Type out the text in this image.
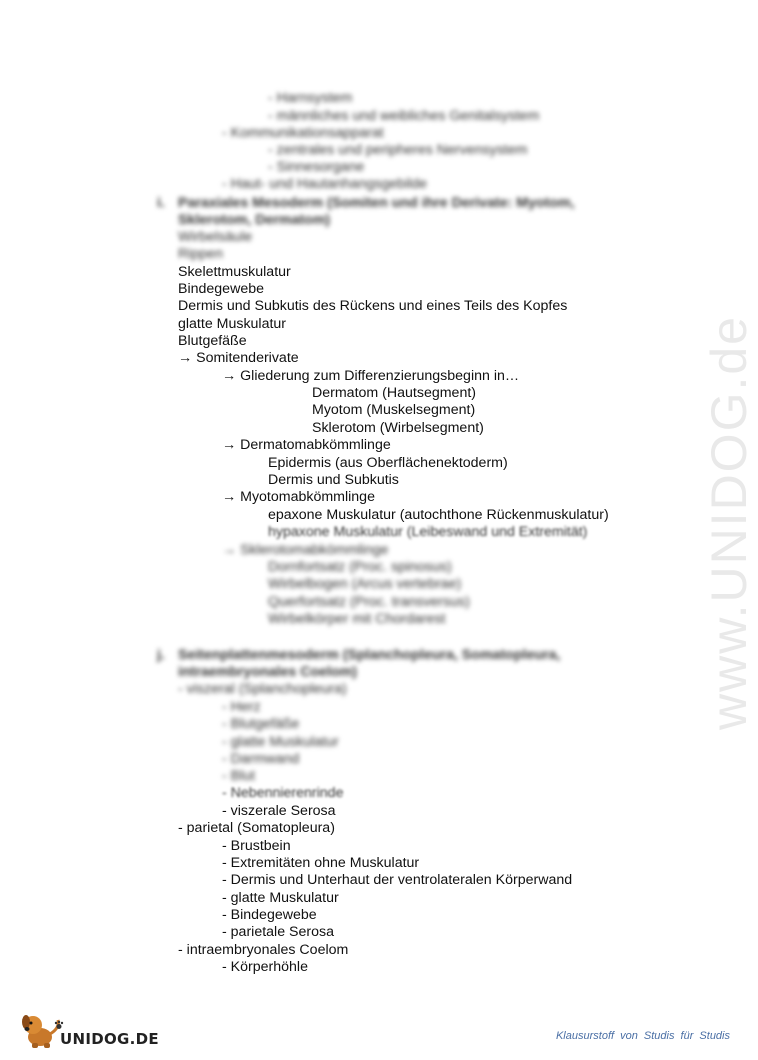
www.UNIDOG.de
- Harnsystem
- männliches und weibliches Genitalsystem
- Kommunikationsapparat
- zentrales und peripheres Nervensystem
- Sinnesorgane
- Haut- und Hautanhangsgebilde
i. Paraxiales Mesoderm (Somiten und ihre Derivate: Myotom,
Sklerotom, Dermatom)
Wirbelsäule
Rippen
Skelettmuskulatur
Bindegewebe
Dermis und Subkutis des Rückens und eines Teils des Kopfes
glatte Muskulatur
Blutgefäße
→ Somitenderivate
→ Gliederung zum Differenzierungsbeginn in…
Dermatom (Hautsegment)
Myotom (Muskelsegment)
Sklerotom (Wirbelsegment)
→ Dermatomabkömmlinge
Epidermis (aus Oberflächenektoderm)
Dermis und Subkutis
→ Myotomabkömmlinge
epaxone Muskulatur (autochthone Rückenmuskulatur)
hypaxone Muskulatur (Leibeswand und Extremität)
→ Sklerotomabkömmlinge
Dornfortsatz (Proc. spinosus)
Wirbelbogen (Arcus vertebrae)
Querfortsatz (Proc. transversus)
Wirbelkörper mit Chordarest
j. Seitenplattenmesoderm (Splanchopleura, Somatopleura,
intraembryonales Coelom)
- viszeral (Splanchopleura)
- Herz
- Blutgefäße
- glatte Muskulatur
- Darmwand
- Blut
- Nebennierenrinde
- viszerale Serosa
- parietal (Somatopleura)
- Brustbein
- Extremitäten ohne Muskulatur
- Dermis und Unterhaut der ventrolateralen Körperwand
- glatte Muskulatur
- Bindegewebe
- parietale Serosa
- intraembryonales Coelom
- Körperhöhle
UNIDOG.DE	Klausurstoff von Studis für Studis
